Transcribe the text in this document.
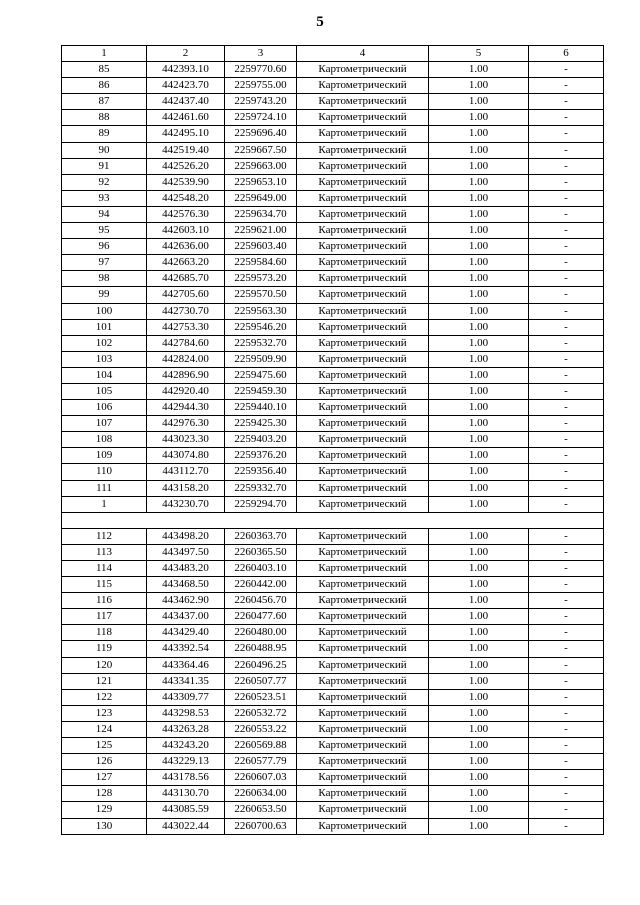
5
1	2	3	4	5	6
85	442393.10	2259770.60	Картометрический	1.00	-
86	442423.70	2259755.00	Картометрический	1.00	-
87	442437.40	2259743.20	Картометрический	1.00	-
88	442461.60	2259724.10	Картометрический	1.00	-
89	442495.10	2259696.40	Картометрический	1.00	-
90	442519.40	2259667.50	Картометрический	1.00	-
91	442526.20	2259663.00	Картометрический	1.00	-
92	442539.90	2259653.10	Картометрический	1.00	-
93	442548.20	2259649.00	Картометрический	1.00	-
94	442576.30	2259634.70	Картометрический	1.00	-
95	442603.10	2259621.00	Картометрический	1.00	-
96	442636.00	2259603.40	Картометрический	1.00	-
97	442663.20	2259584.60	Картометрический	1.00	-
98	442685.70	2259573.20	Картометрический	1.00	-
99	442705.60	2259570.50	Картометрический	1.00	-
100	442730.70	2259563.30	Картометрический	1.00	-
101	442753.30	2259546.20	Картометрический	1.00	-
102	442784.60	2259532.70	Картометрический	1.00	-
103	442824.00	2259509.90	Картометрический	1.00	-
104	442896.90	2259475.60	Картометрический	1.00	-
105	442920.40	2259459.30	Картометрический	1.00	-
106	442944.30	2259440.10	Картометрический	1.00	-
107	442976.30	2259425.30	Картометрический	1.00	-
108	443023.30	2259403.20	Картометрический	1.00	-
109	443074.80	2259376.20	Картометрический	1.00	-
110	443112.70	2259356.40	Картометрический	1.00	-
111	443158.20	2259332.70	Картометрический	1.00	-
1	443230.70	2259294.70	Картометрический	1.00	-

112	443498.20	2260363.70	Картометрический	1.00	-
113	443497.50	2260365.50	Картометрический	1.00	-
114	443483.20	2260403.10	Картометрический	1.00	-
115	443468.50	2260442.00	Картометрический	1.00	-
116	443462.90	2260456.70	Картометрический	1.00	-
117	443437.00	2260477.60	Картометрический	1.00	-
118	443429.40	2260480.00	Картометрический	1.00	-
119	443392.54	2260488.95	Картометрический	1.00	-
120	443364.46	2260496.25	Картометрический	1.00	-
121	443341.35	2260507.77	Картометрический	1.00	-
122	443309.77	2260523.51	Картометрический	1.00	-
123	443298.53	2260532.72	Картометрический	1.00	-
124	443263.28	2260553.22	Картометрический	1.00	-
125	443243.20	2260569.88	Картометрический	1.00	-
126	443229.13	2260577.79	Картометрический	1.00	-
127	443178.56	2260607.03	Картометрический	1.00	-
128	443130.70	2260634.00	Картометрический	1.00	-
129	443085.59	2260653.50	Картометрический	1.00	-
130	443022.44	2260700.63	Картометрический	1.00	-
